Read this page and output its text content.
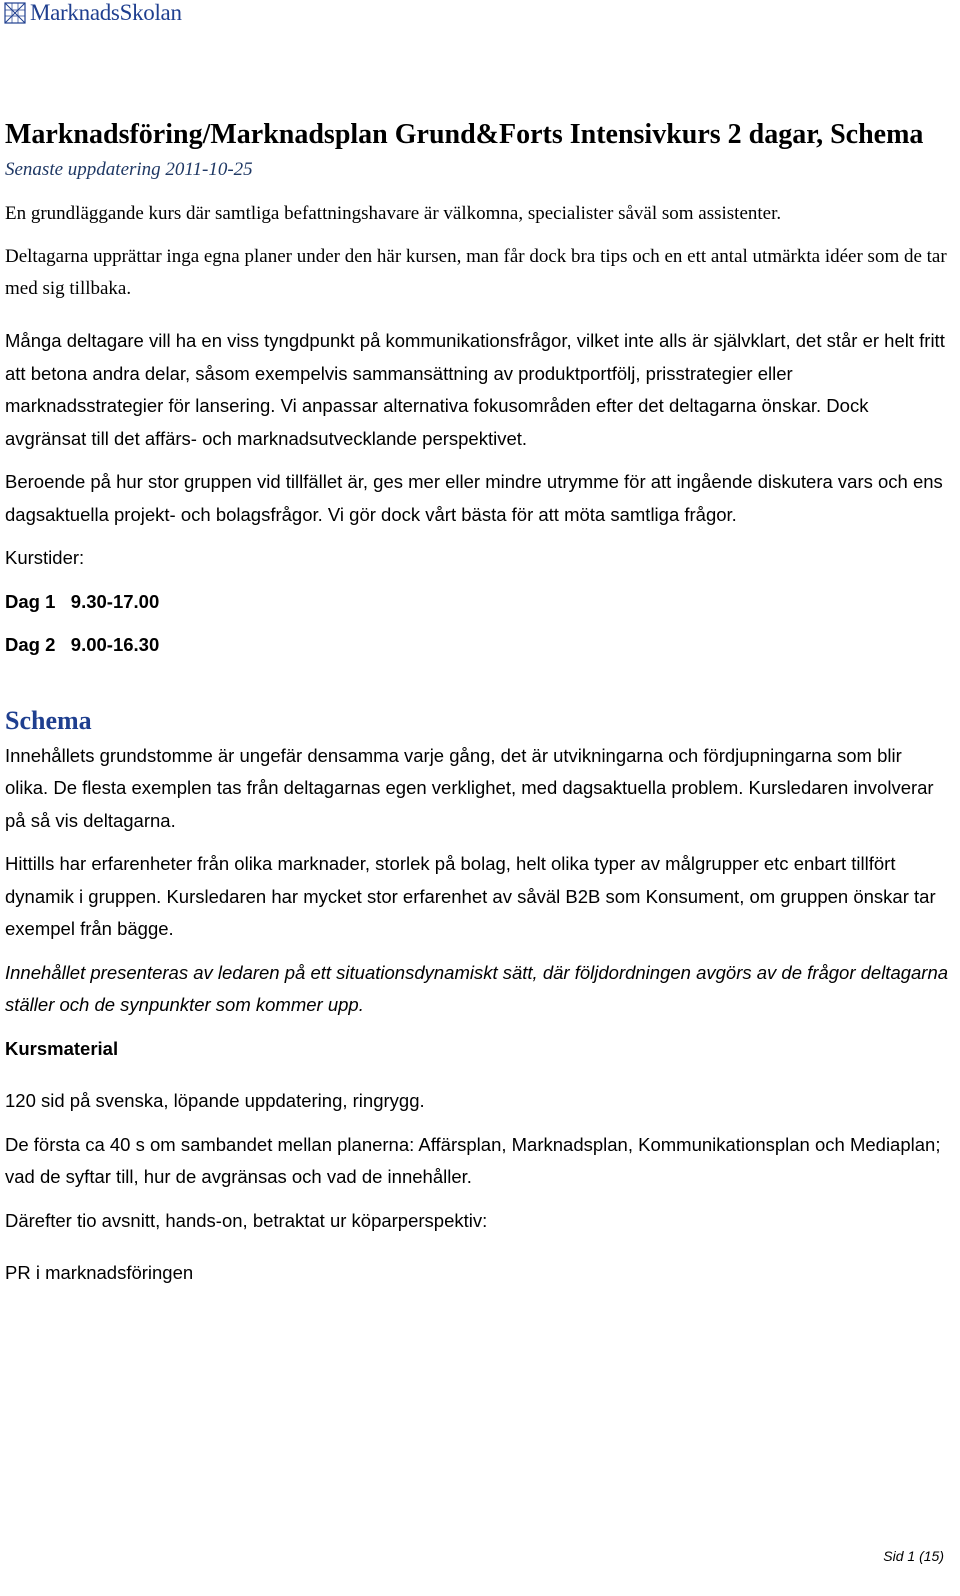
MarknadsSkolan
Marknadsföring/Marknadsplan Grund&Forts Intensivkurs 2 dagar, Schema
Senaste uppdatering 2011-10-25

En grundläggande kurs där samtliga befattningshavare är välkomna, specialister såväl som assistenter.

Deltagarna upprättar inga egna planer under den här kursen, man får dock bra tips och en ett antal utmärkta idéer som de tar med sig tillbaka.

Många deltagare vill ha en viss tyngdpunkt på kommunikationsfrågor, vilket inte alls är självklart, det står er helt fritt att betona andra delar, såsom exempelvis sammansättning av produktportfölj, prisstrategier eller marknadsstrategier för lansering. Vi anpassar alternativa fokusområden efter det deltagarna önskar. Dock avgränsat till det affärs- och marknadsutvecklande perspektivet.

Beroende på hur stor gruppen vid tillfället är, ges mer eller mindre utrymme för att ingående diskutera vars och ens dagsaktuella projekt- och bolagsfrågor. Vi gör dock vårt bästa för att möta samtliga frågor.

Kurstider:

Dag 1   9.30-17.00

Dag 2   9.00-16.30

Schema

Innehållets grundstomme är ungefär densamma varje gång, det är utvikningarna och fördjupningarna som blir olika. De flesta exemplen tas från deltagarnas egen verklighet, med dagsaktuella problem. Kursledaren involverar på så vis deltagarna.

Hittills har erfarenheter från olika marknader, storlek på bolag, helt olika typer av målgrupper etc enbart tillfört dynamik i gruppen. Kursledaren har mycket stor erfarenhet av såväl B2B som Konsument, om gruppen önskar tar exempel från bägge.

Innehållet presenteras av ledaren på ett situationsdynamiskt sätt, där följdordningen avgörs av de frågor deltagarna ställer och de synpunkter som kommer upp.

Kursmaterial

120 sid på svenska, löpande uppdatering, ringrygg.

De första ca 40 s om sambandet mellan planerna: Affärsplan, Marknadsplan, Kommunikationsplan och Mediaplan; vad de syftar till, hur de avgränsas och vad de innehåller.

Därefter tio avsnitt, hands-on, betraktat ur köparperspektiv:

PR i marknadsföringen

Sid 1 (15)
